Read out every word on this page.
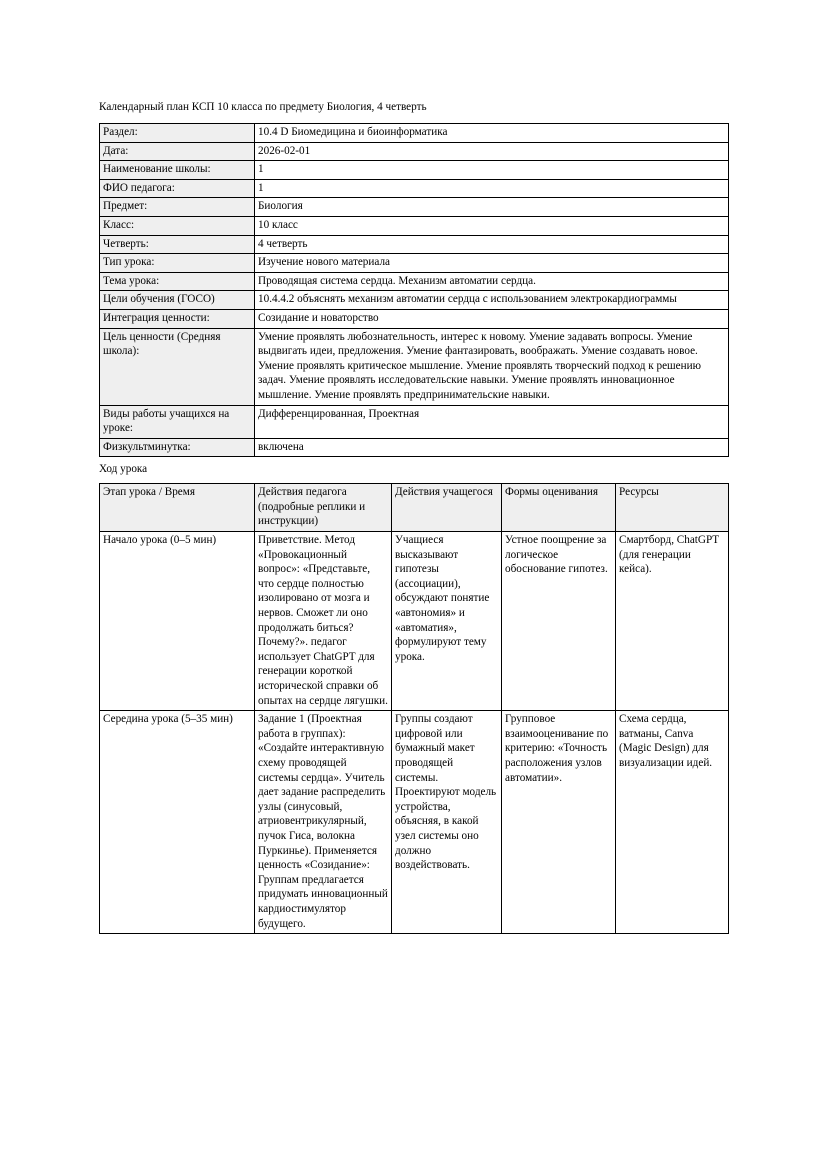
Календарный план КСП 10 класса по предмету Биология, 4 четверть

Раздел:	10.4 D Биомедицина и биоинформатика
Дата:	2026-02-01
Наименование школы:	1
ФИО педагога:	1
Предмет:	Биология
Класс:	10 класс
Четверть:	4 четверть
Тип урока:	Изучение нового материала
Тема урока:	Проводящая система сердца. Механизм автоматии сердца.
Цели обучения (ГОСО)	10.4.4.2 объяснять механизм автоматии сердца с использованием электрокардиограммы
Интеграция ценности:	Созидание и новаторство
Цель ценности (Средняя школа):	Умение проявлять любознательность, интерес к новому. Умение задавать вопросы. Умение выдвигать идеи, предложения. Умение фантазировать, воображать. Умение создавать новое. Умение проявлять критическое мышление. Умение проявлять творческий подход к решению задач. Умение проявлять исследовательские навыки. Умение проявлять инновационное мышление. Умение проявлять предпринимательские навыки.
Виды работы учащихся на уроке:	Дифференцированная, Проектная
Физкультминутка:	включена

Ход урока

Этап урока / Время	Действия педагога (подробные реплики и инструкции)	Действия учащегося	Формы оценивания	Ресурсы
Начало урока (0–5 мин)	Приветствие. Метод «Провокационный вопрос»: «Представьте, что сердце полностью изолировано от мозга и нервов. Сможет ли оно продолжать биться? Почему?». педагог использует ChatGPT для генерации короткой исторической справки об опытах на сердце лягушки.	Учащиеся высказывают гипотезы (ассоциации), обсуждают понятие «автономия» и «автоматия», формулируют тему урока.	Устное поощрение за логическое обоснование гипотез.	Смартборд, ChatGPT (для генерации кейса).
Середина урока (5–35 мин)	Задание 1 (Проектная работа в группах): «Создайте интерактивную схему проводящей системы сердца». Учитель дает задание распределить узлы (синусовый, атриовентрикулярный, пучок Гиса, волокна Пуркинье). Применяется ценность «Созидание»: Группам предлагается придумать инновационный кардиостимулятор будущего.	Группы создают цифровой или бумажный макет проводящей системы. Проектируют модель устройства, объясняя, в какой узел системы оно должно воздействовать.	Групповое взаимооценивание по критерию: «Точность расположения узлов автоматии».	Схема сердца, ватманы, Canva (Magic Design) для визуализации идей.
